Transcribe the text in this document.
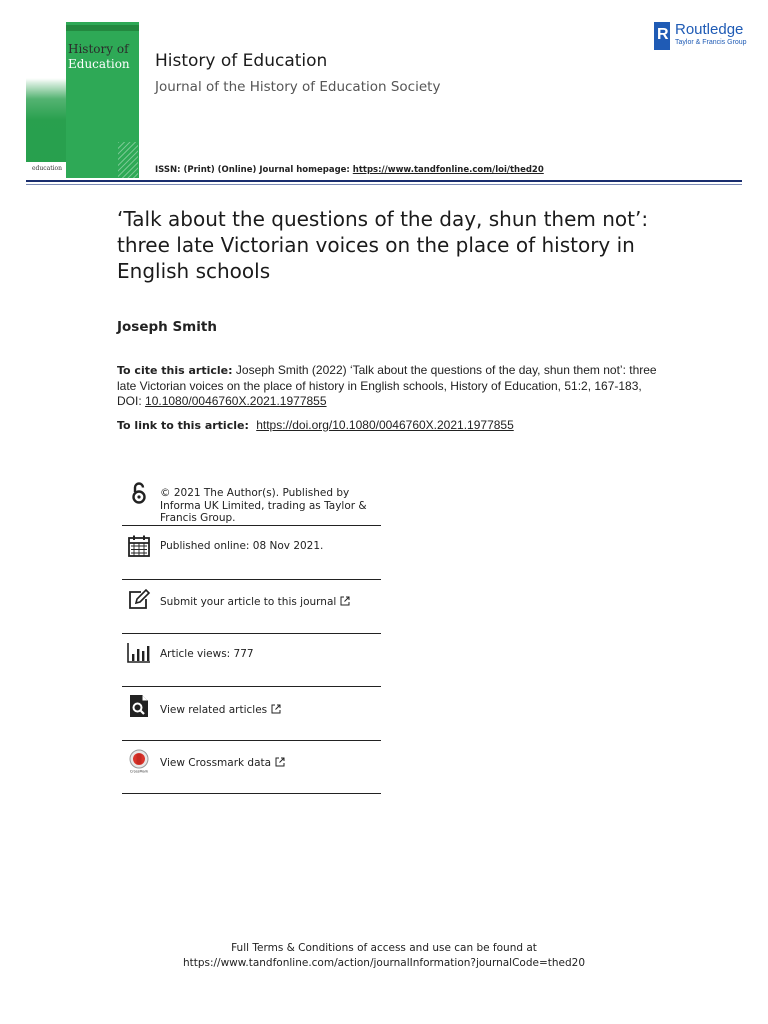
History of
Education
education
History of Education
Journal of the History of Education Society
R Routledge
Taylor & Francis Group
ISSN: (Print) (Online) Journal homepage: https://www.tandfonline.com/loi/thed20
‘Talk about the questions of the day, shun them not’: three late Victorian voices on the place of history in English schools
Joseph Smith
To cite this article: Joseph Smith (2022) ‘Talk about the questions of the day, shun them not’: three late Victorian voices on the place of history in English schools, History of Education, 51:2, 167-183, DOI: 10.1080/0046760X.2021.1977855
To link to this article: https://doi.org/10.1080/0046760X.2021.1977855
© 2021 The Author(s). Published by Informa UK Limited, trading as Taylor & Francis Group.
Published online: 08 Nov 2021.
Submit your article to this journal
Article views: 777
View related articles
CrossMark
View Crossmark data
Full Terms & Conditions of access and use can be found at
https://www.tandfonline.com/action/journalInformation?journalCode=thed20
